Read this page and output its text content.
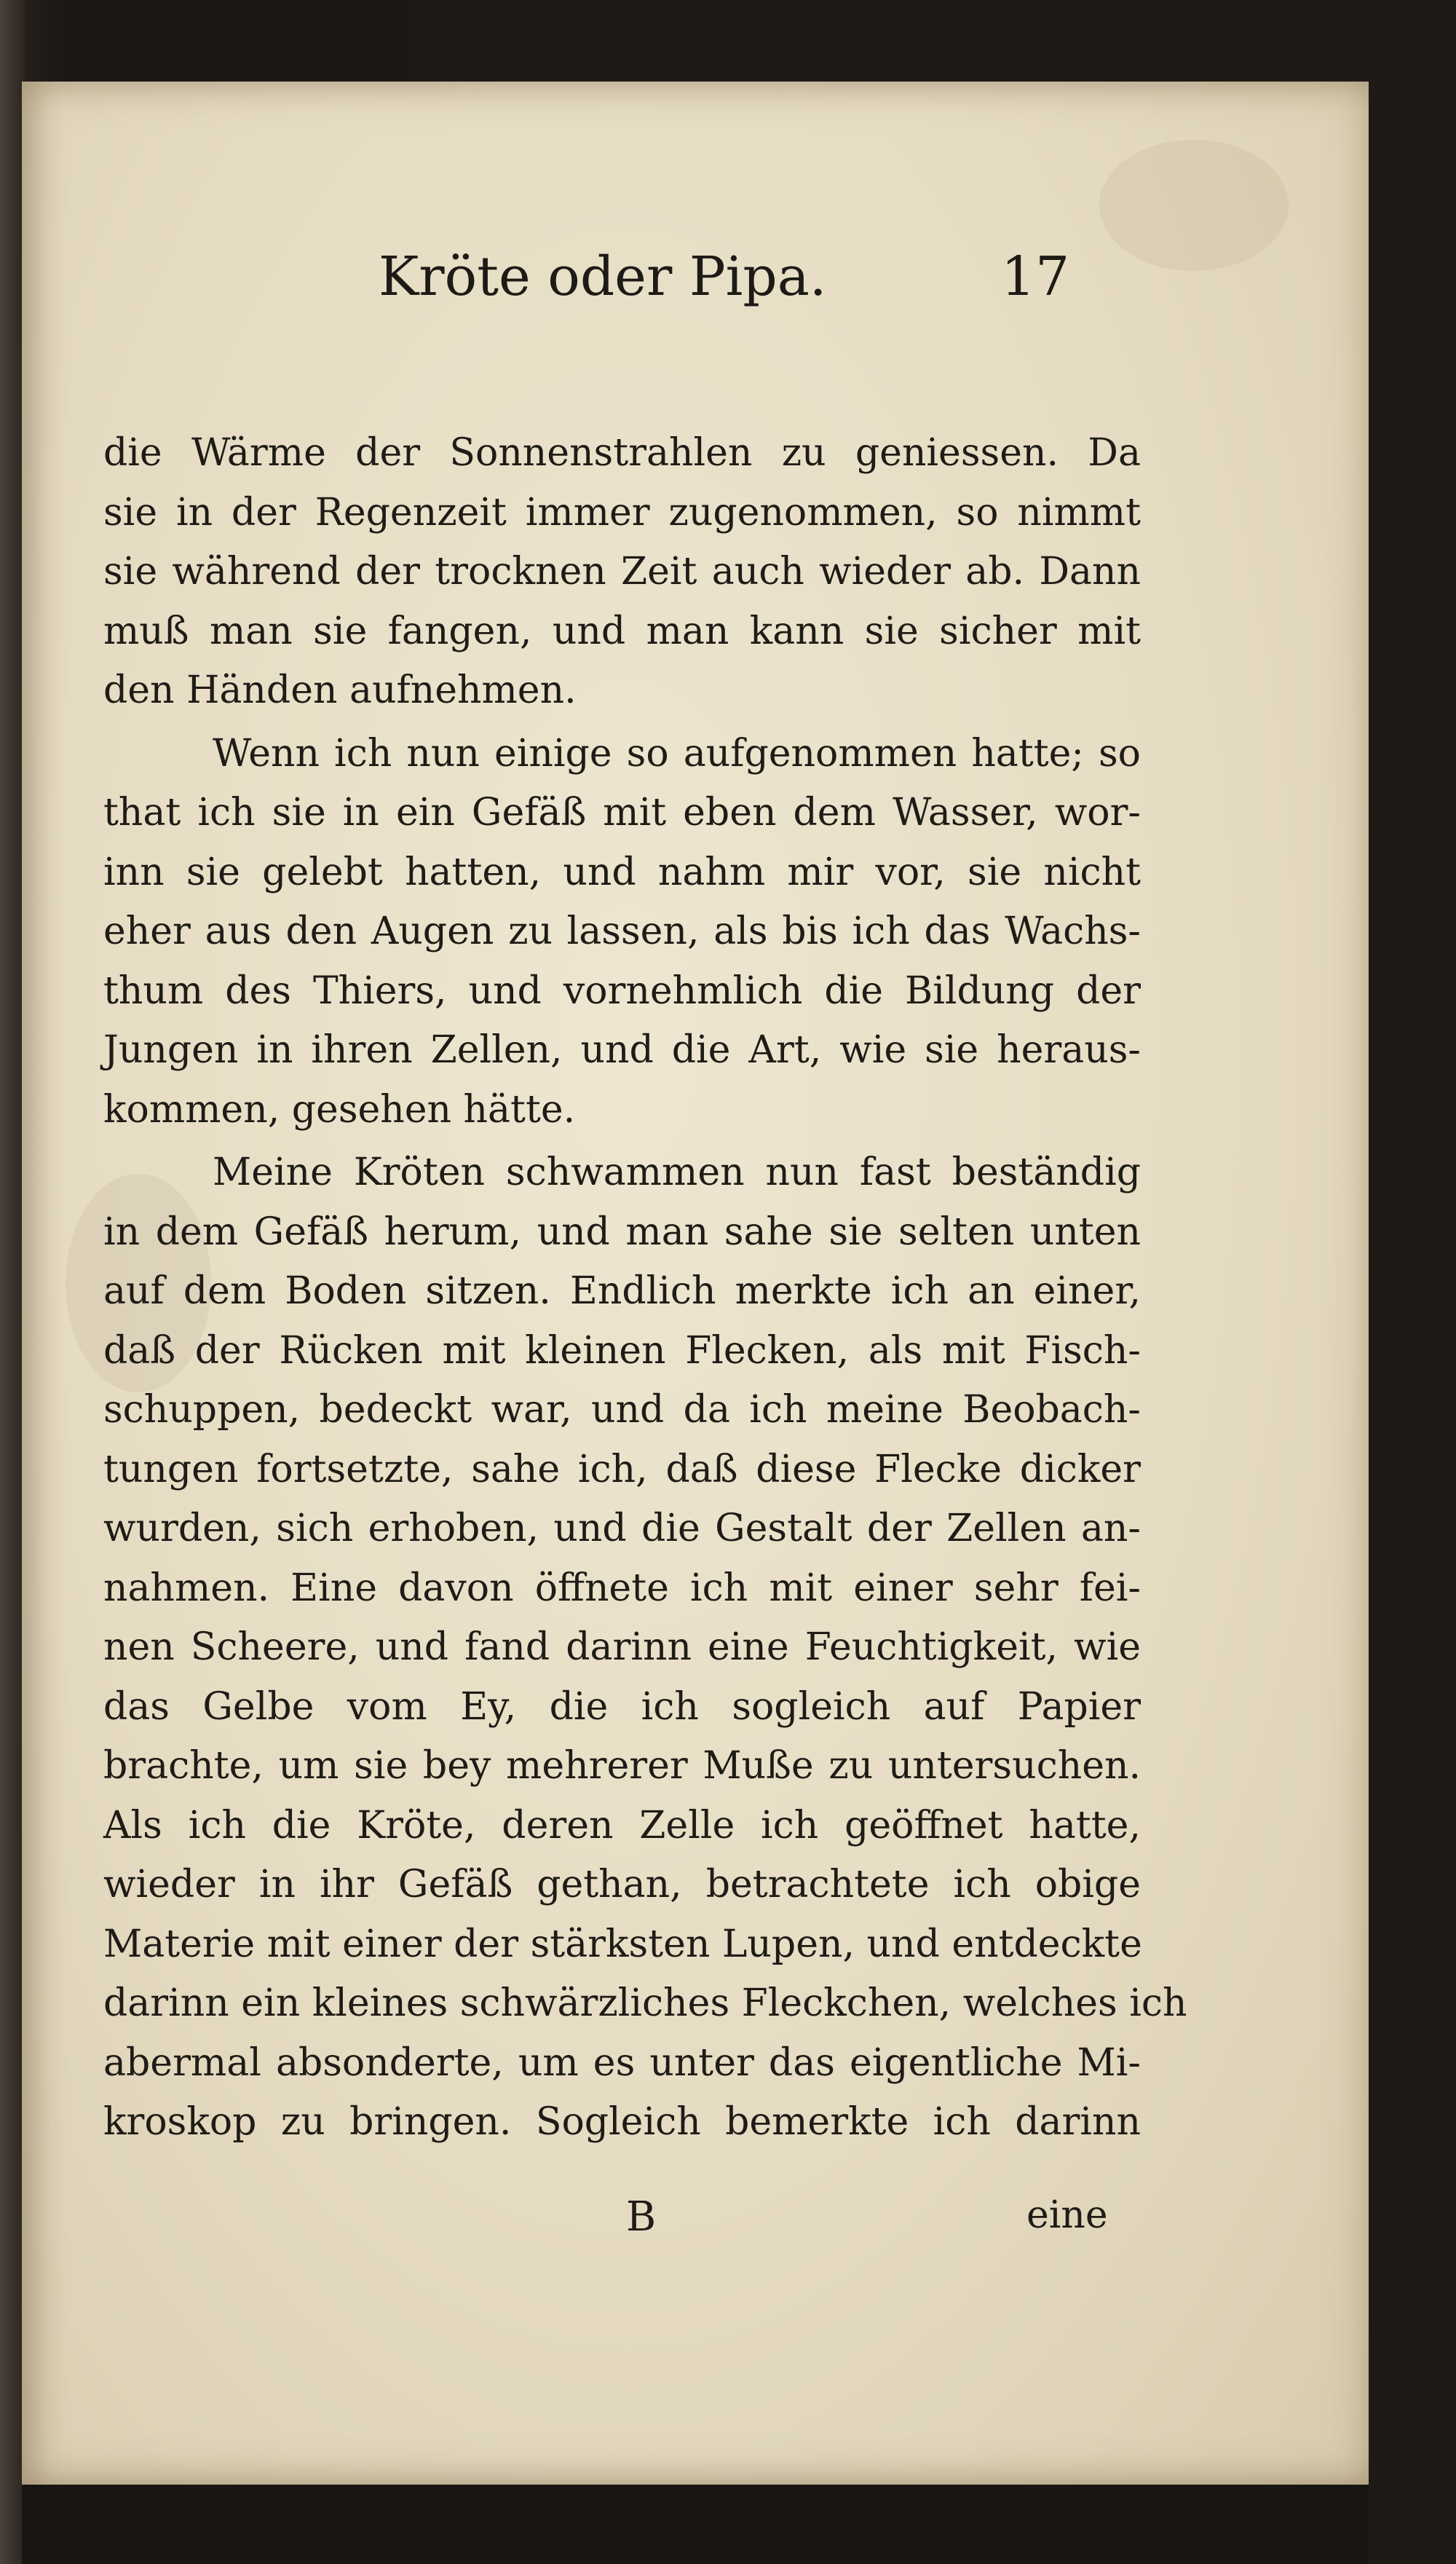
Kröte oder Pipa.	17
die Wärme der Sonnenstrahlen zu geniessen. Da
sie in der Regenzeit immer zugenommen, so nimmt
sie während der trocknen Zeit auch wieder ab. Dann
muß man sie fangen, und man kann sie sicher mit
den Händen aufnehmen.
Wenn ich nun einige so aufgenommen hatte; so
that ich sie in ein Gefäß mit eben dem Wasser, wor-
inn sie gelebt hatten, und nahm mir vor, sie nicht
eher aus den Augen zu lassen, als bis ich das Wachs-
thum des Thiers, und vornehmlich die Bildung der
Jungen in ihren Zellen, und die Art, wie sie heraus-
kommen, gesehen hätte.
Meine Kröten schwammen nun fast beständig
in dem Gefäß herum, und man sahe sie selten unten
auf dem Boden sitzen. Endlich merkte ich an einer,
daß der Rücken mit kleinen Flecken, als mit Fisch-
schuppen, bedeckt war, und da ich meine Beobach-
tungen fortsetzte, sahe ich, daß diese Flecke dicker
wurden, sich erhoben, und die Gestalt der Zellen an-
nahmen. Eine davon öffnete ich mit einer sehr fei-
nen Scheere, und fand darinn eine Feuchtigkeit, wie
das Gelbe vom Ey, die ich sogleich auf Papier
brachte, um sie bey mehrerer Muße zu untersuchen.
Als ich die Kröte, deren Zelle ich geöffnet hatte,
wieder in ihr Gefäß gethan, betrachtete ich obige
Materie mit einer der stärksten Lupen, und entdeckte
darinn ein kleines schwärzliches Fleckchen, welches ich
abermal absonderte, um es unter das eigentliche Mi-
kroskop zu bringen. Sogleich bemerkte ich darinn
B	eine
